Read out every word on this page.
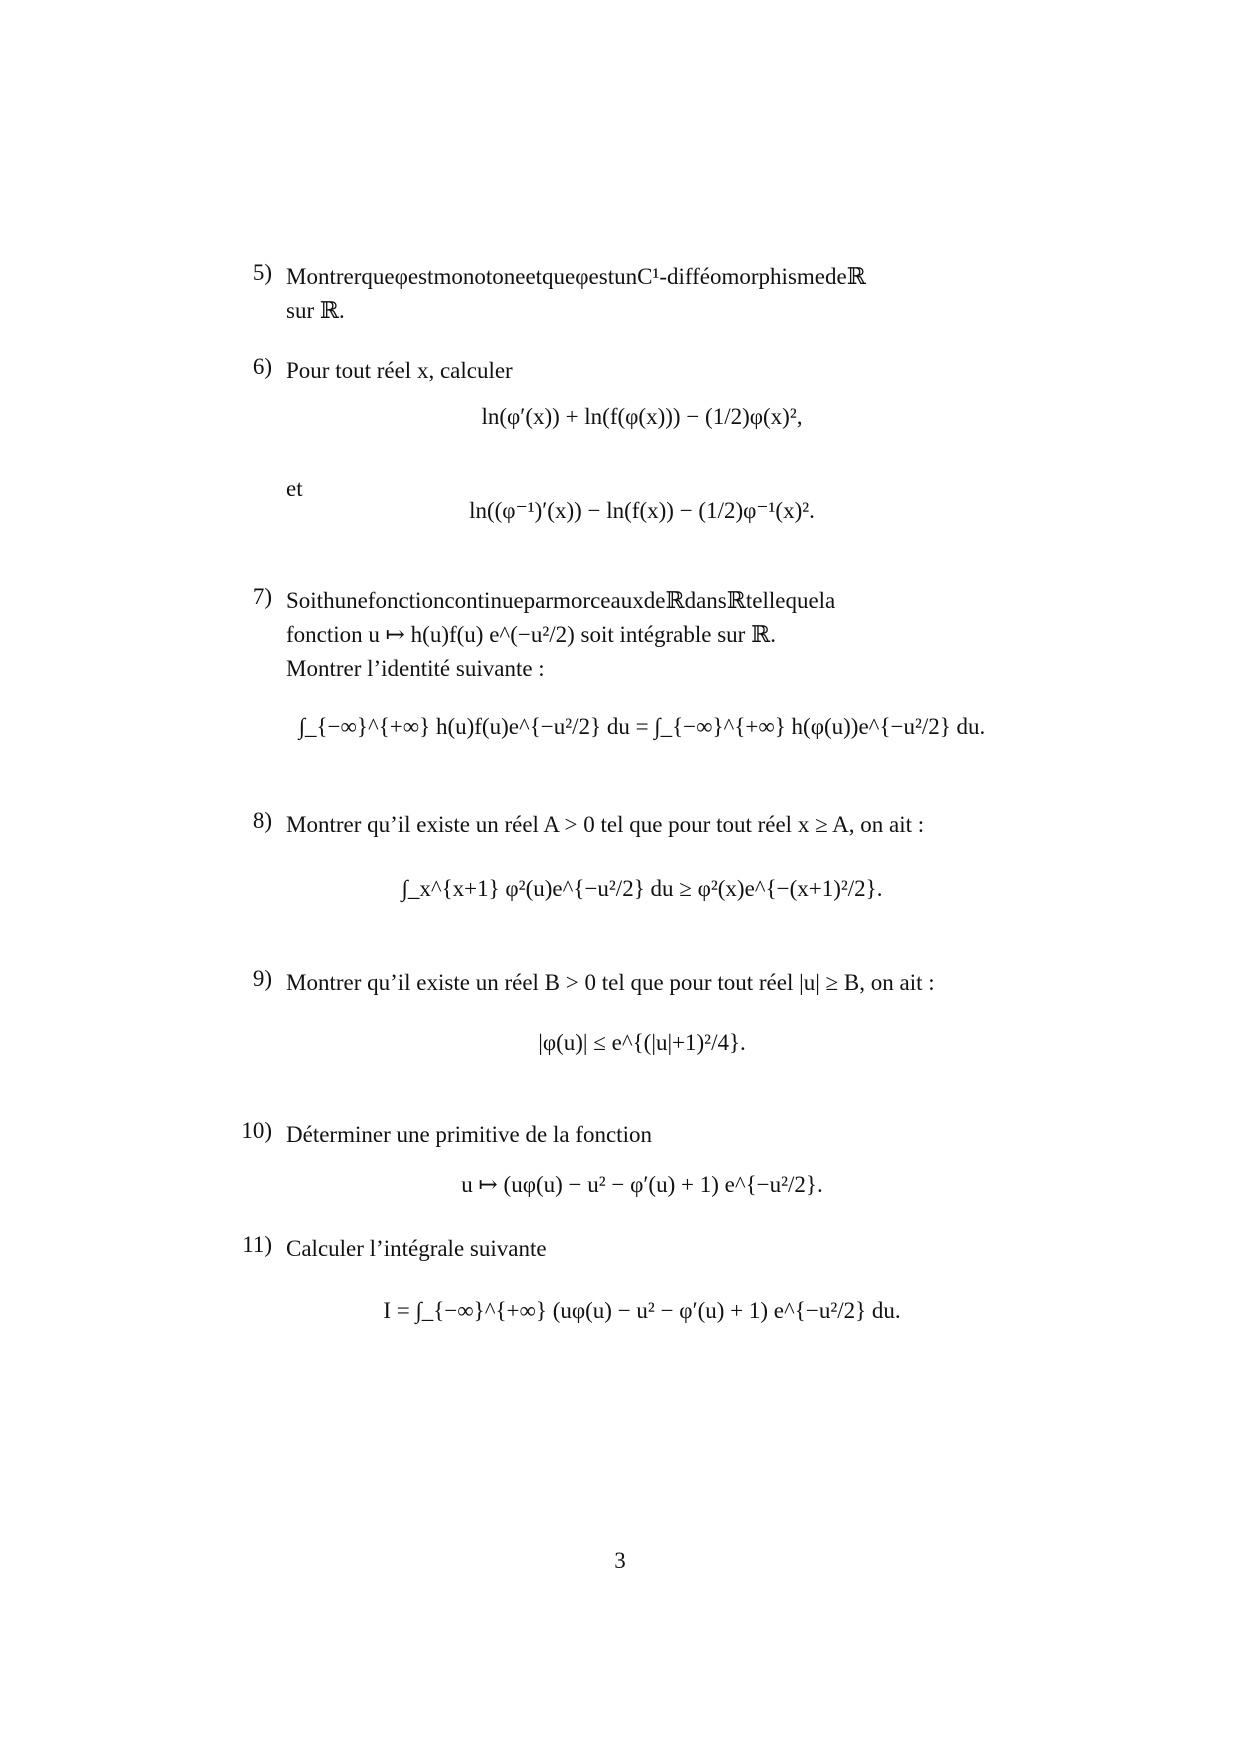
5) MontrerqueφestmonotoneetqueφestunC¹-difféomorphismedeℝ
sur ℝ.
6) Pour tout réel x, calculer
ln(φ′(x)) + ln(f(φ(x))) − (1/2)φ(x)²,
et
ln((φ⁻¹)′(x)) − ln(f(x)) − (1/2)φ⁻¹(x)².
7) Soithunefonctioncontinueparmorceauxdeℝdansℝtellequela
fonction u ↦ h(u)f(u) e^(−u²/2) soit intégrable sur ℝ.
Montrer l’identité suivante :
∫_{−∞}^{+∞} h(u)f(u)e^{−u²/2} du = ∫_{−∞}^{+∞} h(φ(u))e^{−u²/2} du.
8) Montrer qu’il existe un réel A > 0 tel que pour tout réel x ≥ A, on ait :
∫_x^{x+1} φ²(u)e^{−u²/2} du ≥ φ²(x)e^{−(x+1)²/2}.
9) Montrer qu’il existe un réel B > 0 tel que pour tout réel |u| ≥ B, on ait :
|φ(u)| ≤ e^{(|u|+1)²/4}.
10) Déterminer une primitive de la fonction
u ↦ (uφ(u) − u² − φ′(u) + 1) e^{−u²/2}.
11) Calculer l’intégrale suivante
I = ∫_{−∞}^{+∞} (uφ(u) − u² − φ′(u) + 1) e^{−u²/2} du.
3
